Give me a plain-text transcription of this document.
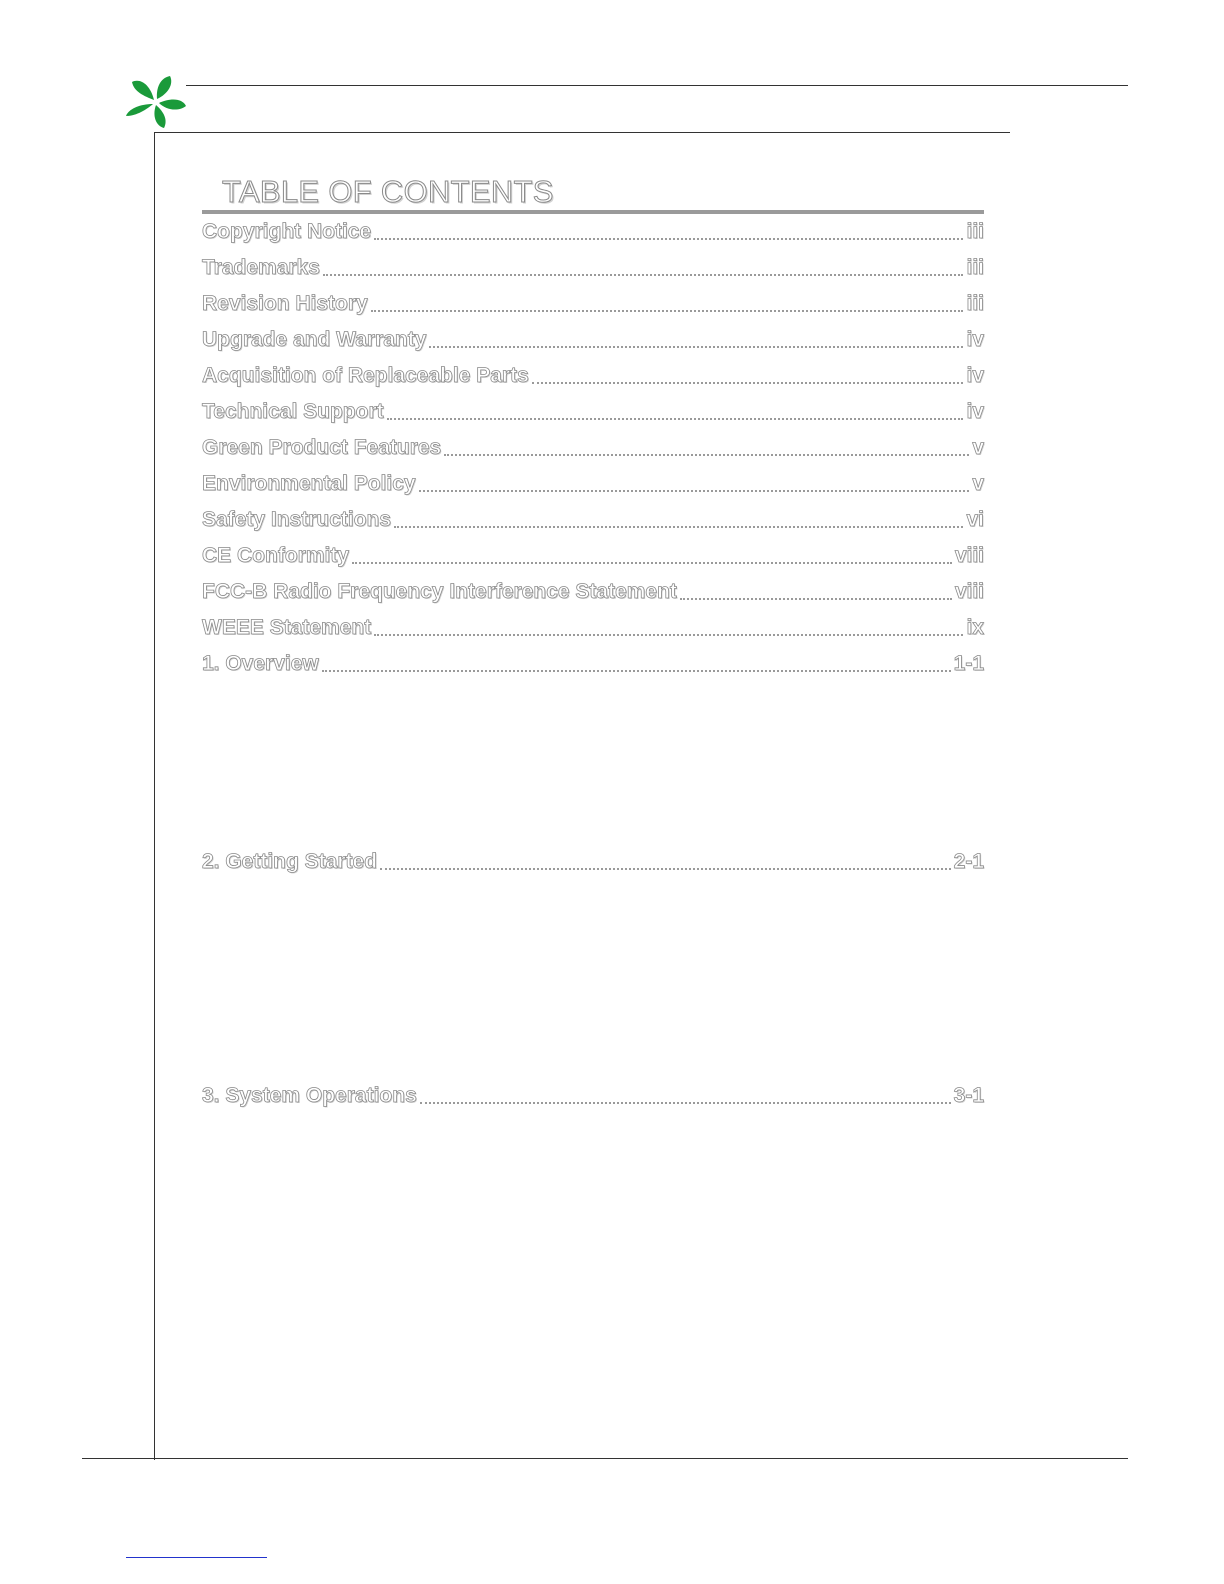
TABLE OF CONTENTS
Copyright Notice	iii
Trademarks	iii
Revision History	iii
Upgrade and Warranty	iv
Acquisition of Replaceable Parts	iv
Technical Support	iv
Green Product Features	v
Environmental Policy	v
Safety Instructions	vi
CE Conformity	viii
FCC-B Radio Frequency Interference Statement	viii
WEEE Statement	ix
1. Overview	1-1
2. Getting Started	2-1
3. System Operations	3-1
